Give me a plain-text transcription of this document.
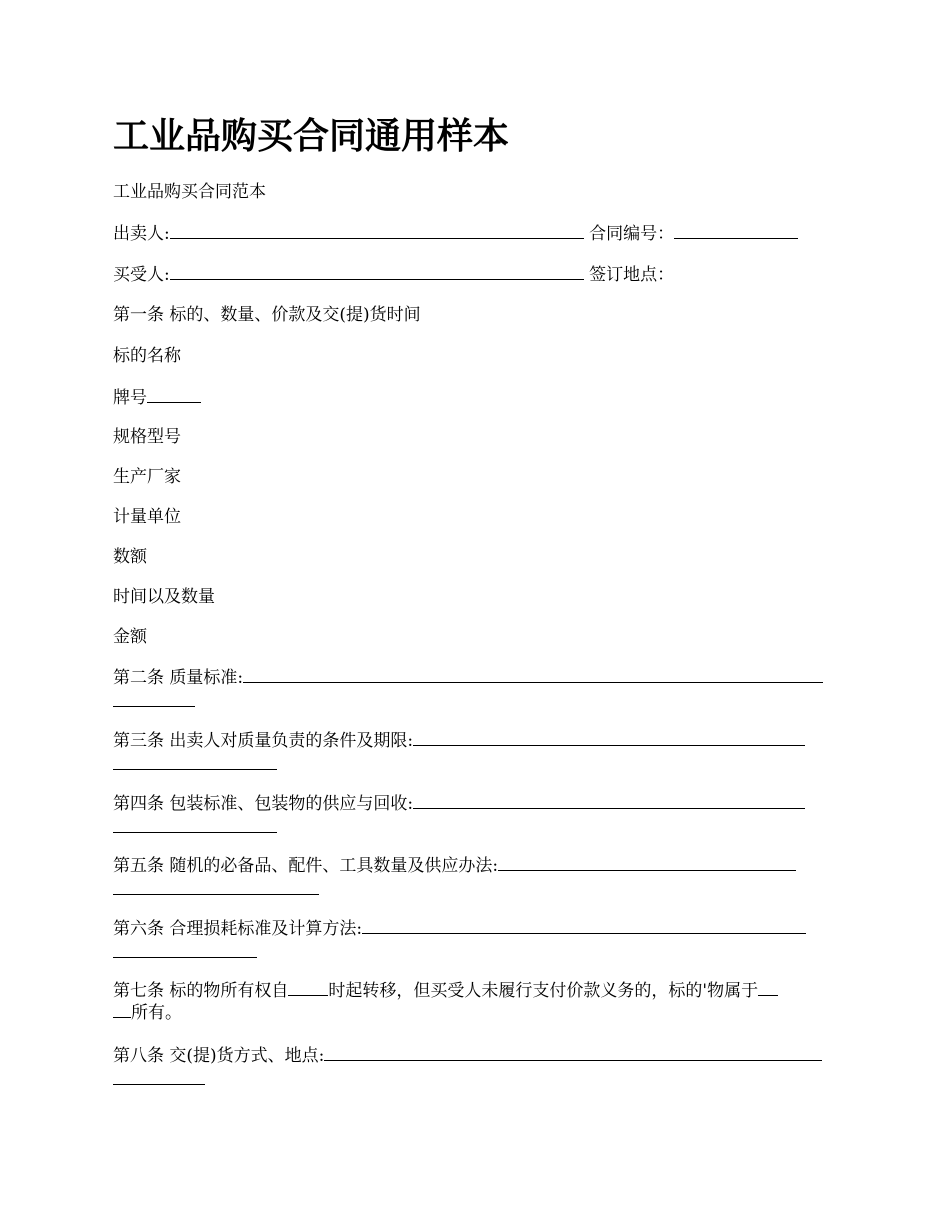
工业品购买合同通用样本
工业品购买合同范本
出卖人:	合同编号：
买受人:	签订地点：
第一条 标的、数量、价款及交(提)货时间
标的名称
牌号
规格型号
生产厂家
计量单位
数额
时间以及数量
金额
第二条 质量标准:
第三条 出卖人对质量负责的条件及期限:
第四条 包装标准、包装物的供应与回收:
第五条 随机的必备品、配件、工具数量及供应办法:
第六条 合理损耗标准及计算方法:
第七条 标的物所有权自 时起转移，但买受人未履行支付价款义务的，标的'物属于
所有。
第八条 交(提)货方式、地点:
